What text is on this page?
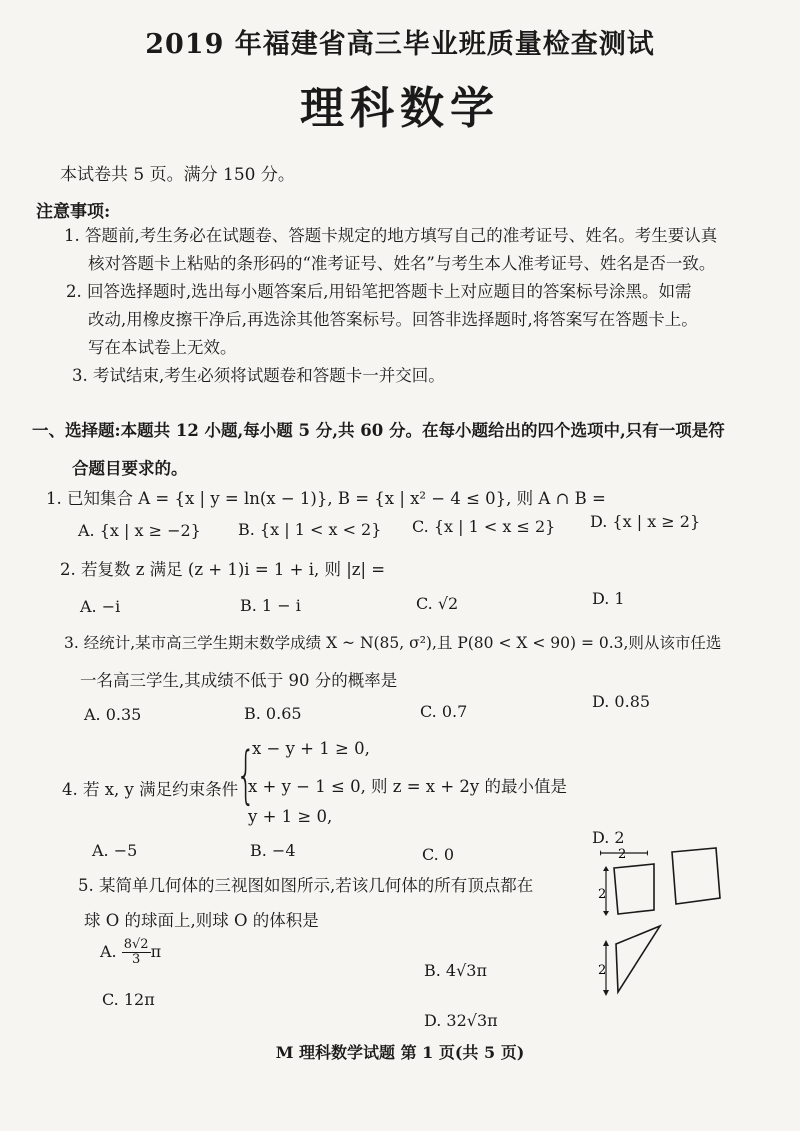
2019 年福建省高三毕业班质量检查测试
理科数学
本试卷共 5 页。满分 150 分。
注意事项:
1. 答题前,考生务必在试题卷、答题卡规定的地方填写自己的准考证号、姓名。考生要认真
核对答题卡上粘贴的条形码的“准考证号、姓名”与考生本人准考证号、姓名是否一致。
2. 回答选择题时,选出每小题答案后,用铅笔把答题卡上对应题目的答案标号涂黑。如需
改动,用橡皮擦干净后,再选涂其他答案标号。回答非选择题时,将答案写在答题卡上。
写在本试卷上无效。
3. 考试结束,考生必须将试题卷和答题卡一并交回。
一、选择题:本题共 12 小题,每小题 5 分,共 60 分。在每小题给出的四个选项中,只有一项是符
合题目要求的。
1. 已知集合 A = {x | y = ln(x − 1)}, B = {x | x² − 4 ≤ 0}, 则 A ∩ B =
A. {x | x ≥ −2} B. {x | 1 < x < 2} C. {x | 1 < x ≤ 2} D. {x | x ≥ 2}
2. 若复数 z 满足 (z + 1)i = 1 + i, 则 |z| =
A. −i	B. 1 − i	C. √2	D. 1
3. 经统计,某市高三学生期末数学成绩 X ~ N(85, σ²),且 P(80 < X < 90) = 0.3,则从该市任选
一名高三学生,其成绩不低于 90 分的概率是
A. 0.35	B. 0.65	C. 0.7
D. 0.85
4. 若 x, y 满足约束条件
{
x − y + 1 ≥ 0,
x + y − 1 ≤ 0, 则 z = x + 2y 的最小值是
y + 1 ≥ 0,
A. −5	B. −4	C. 0
D. 2
5. 某简单几何体的三视图如图所示,若该几何体的所有顶点都在
球 O 的球面上,则球 O 的体积是
A. $\frac{8√2}{3}$ π
B. 4√3π
C. 12π
D. 32√3π
2
2
2
M 理科数学试题 第 1 页(共 5 页)
